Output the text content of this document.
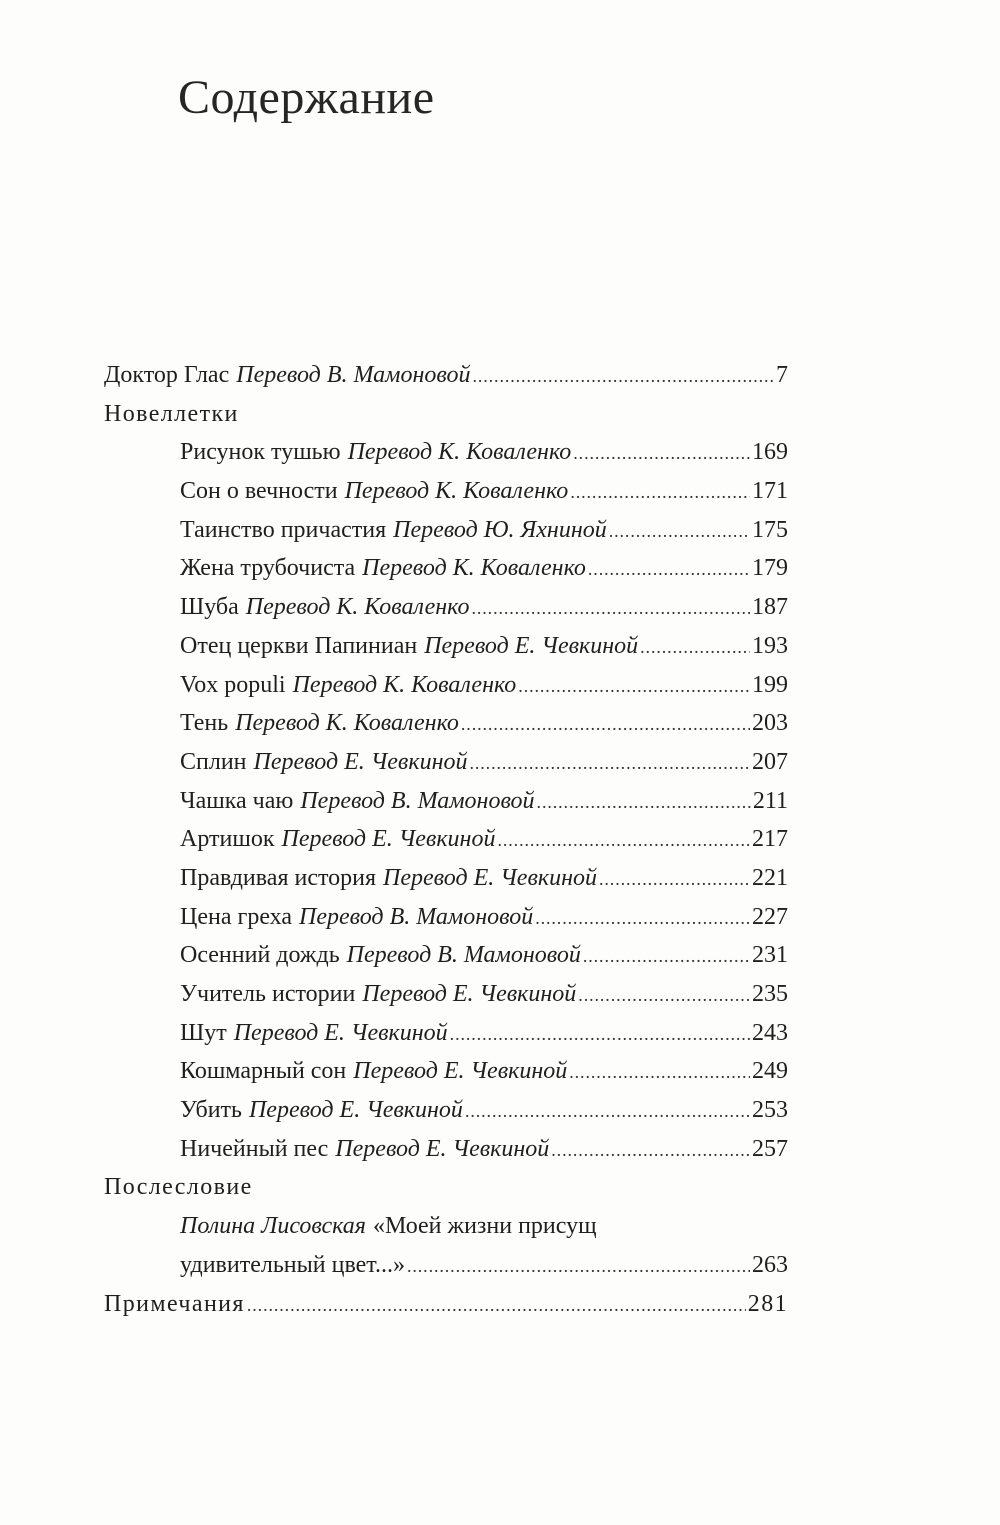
Содержание
Доктор Глас Перевод В. Мамоновой . . .	7
Новеллетки
Рисунок тушью Перевод К. Коваленко . . .	169
Сон о вечности Перевод К. Коваленко . . .	171
Таинство причастия Перевод Ю. Яхниной . . .	175
Жена трубочиста Перевод К. Коваленко . . .	179
Шуба Перевод К. Коваленко . . .	187
Отец церкви Папиниан Перевод Е. Чевкиной . . .	193
Vox populi Перевод К. Коваленко . . .	199
Тень Перевод К. Коваленко . . .	203
Сплин Перевод Е. Чевкиной . . .	207
Чашка чаю Перевод В. Мамоновой . . .	211
Артишок Перевод Е. Чевкиной . . .	217
Правдивая история Перевод Е. Чевкиной . . .	221
Цена греха Перевод В. Мамоновой . . .	227
Осенний дождь Перевод В. Мамоновой . . .	231
Учитель истории Перевод Е. Чевкиной . . .	235
Шут Перевод Е. Чевкиной . . .	243
Кошмарный сон Перевод Е. Чевкиной . . .	249
Убить Перевод Е. Чевкиной . . .	253
Ничейный пес Перевод Е. Чевкиной . . .	257
Послесловие
Полина Лисовская «Моей жизни присущ
удивительный цвет...» . . .	263
Примечания . . .	281
